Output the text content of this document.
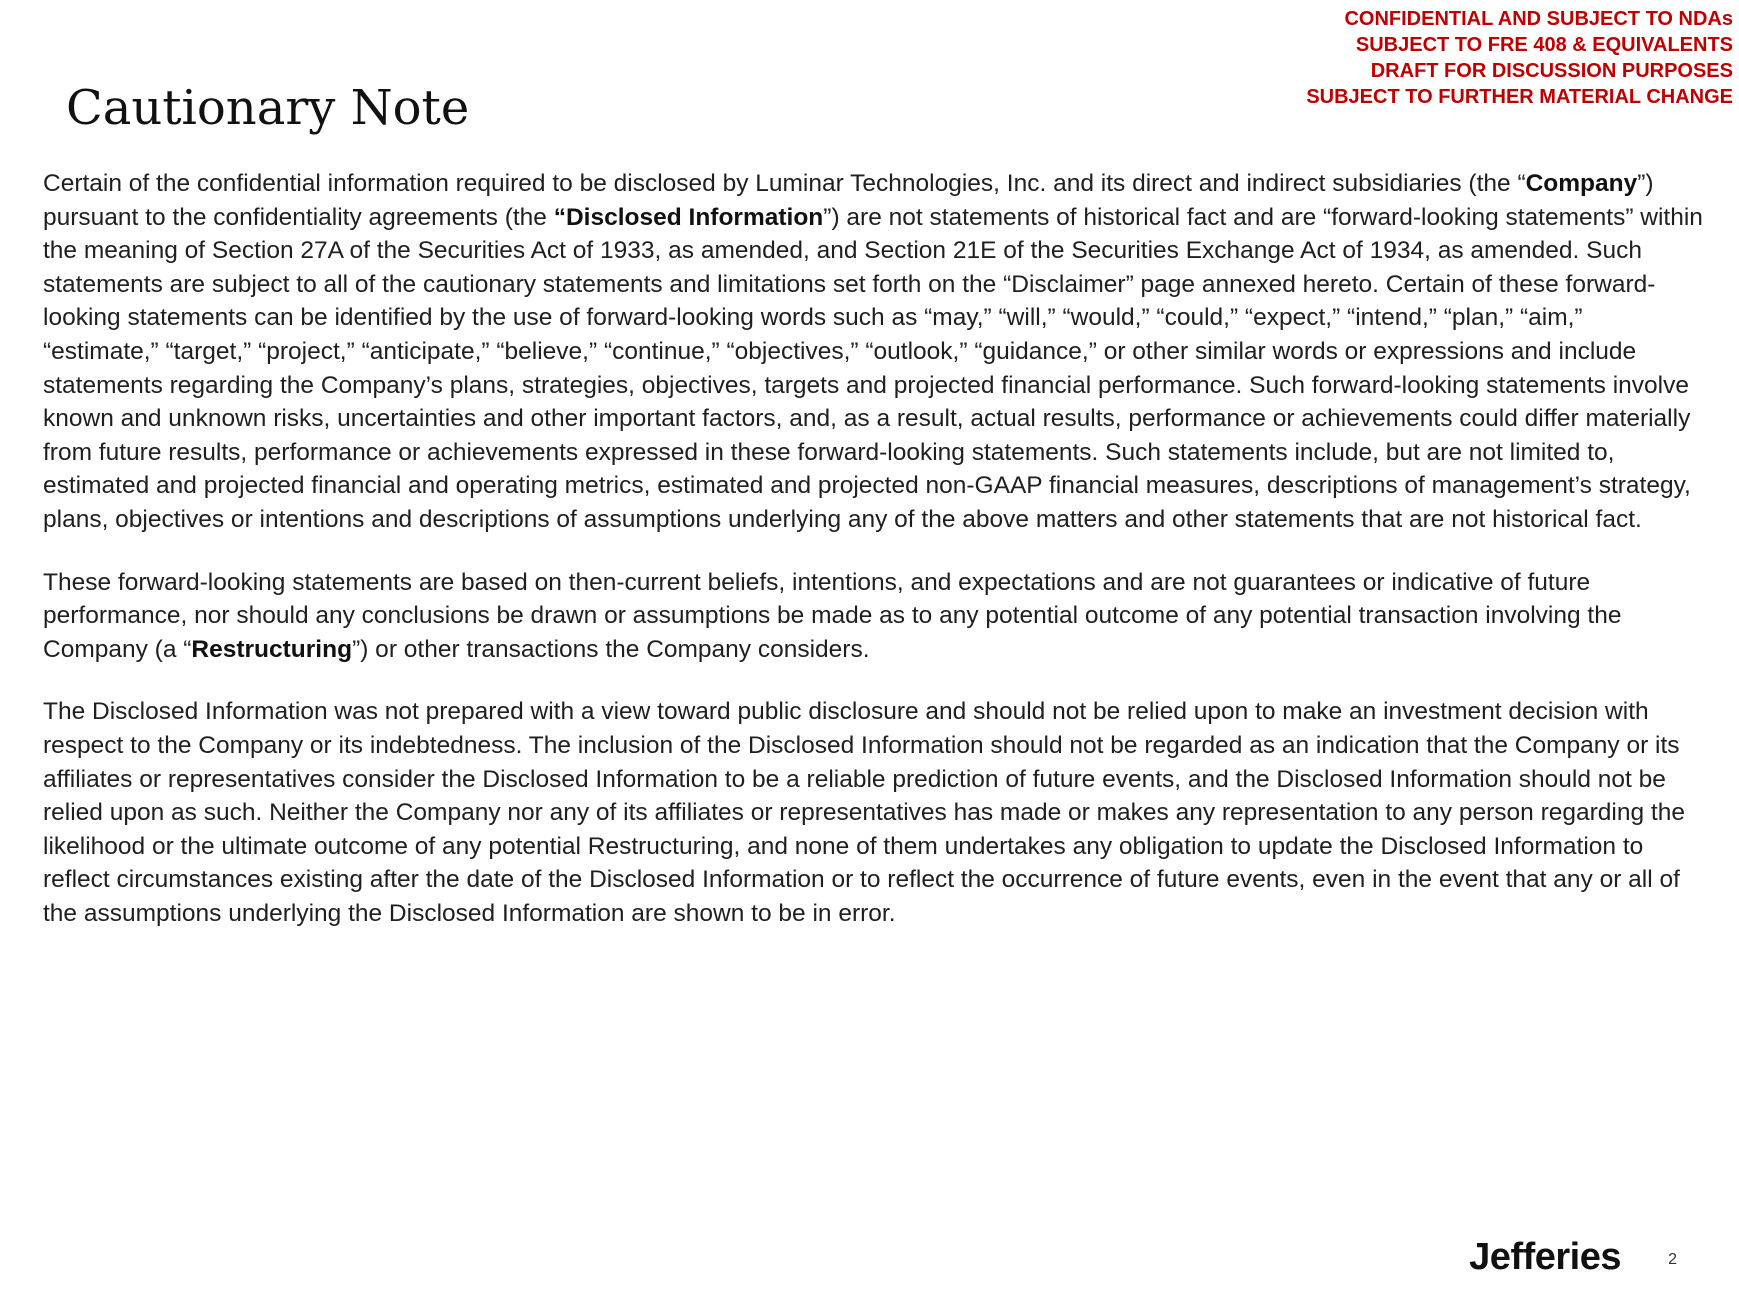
CONFIDENTIAL AND SUBJECT TO NDAs
SUBJECT TO FRE 408 & EQUIVALENTS
DRAFT FOR DISCUSSION PURPOSES
SUBJECT TO FURTHER MATERIAL CHANGE
Cautionary Note

Certain of the confidential information required to be disclosed by Luminar Technologies, Inc. and its direct and indirect subsidiaries (the “Company”) pursuant to the confidentiality agreements (the “Disclosed Information”) are not statements of historical fact and are “forward-looking statements” within the meaning of Section 27A of the Securities Act of 1933, as amended, and Section 21E of the Securities Exchange Act of 1934, as amended. Such statements are subject to all of the cautionary statements and limitations set forth on the “Disclaimer” page annexed hereto. Certain of these forward-looking statements can be identified by the use of forward-looking words such as “may,” “will,” “would,” “could,” “expect,” “intend,” “plan,” “aim,” “estimate,” “target,” “project,” “anticipate,” “believe,” “continue,” “objectives,” “outlook,” “guidance,” or other similar words or expressions and include statements regarding the Company’s plans, strategies, objectives, targets and projected financial performance. Such forward-looking statements involve known and unknown risks, uncertainties and other important factors, and, as a result, actual results, performance or achievements could differ materially from future results, performance or achievements expressed in these forward-looking statements. Such statements include, but are not limited to, estimated and projected financial and operating metrics, estimated and projected non-GAAP financial measures, descriptions of management’s strategy, plans, objectives or intentions and descriptions of assumptions underlying any of the above matters and other statements that are not historical fact.

These forward-looking statements are based on then-current beliefs, intentions, and expectations and are not guarantees or indicative of future performance, nor should any conclusions be drawn or assumptions be made as to any potential outcome of any potential transaction involving the Company (a “Restructuring”) or other transactions the Company considers.

The Disclosed Information was not prepared with a view toward public disclosure and should not be relied upon to make an investment decision with respect to the Company or its indebtedness. The inclusion of the Disclosed Information should not be regarded as an indication that the Company or its affiliates or representatives consider the Disclosed Information to be a reliable prediction of future events, and the Disclosed Information should not be relied upon as such. Neither the Company nor any of its affiliates or representatives has made or makes any representation to any person regarding the likelihood or the ultimate outcome of any potential Restructuring, and none of them undertakes any obligation to update the Disclosed Information to reflect circumstances existing after the date of the Disclosed Information or to reflect the occurrence of future events, even in the event that any or all of the assumptions underlying the Disclosed Information are shown to be in error.

Jefferies	2
